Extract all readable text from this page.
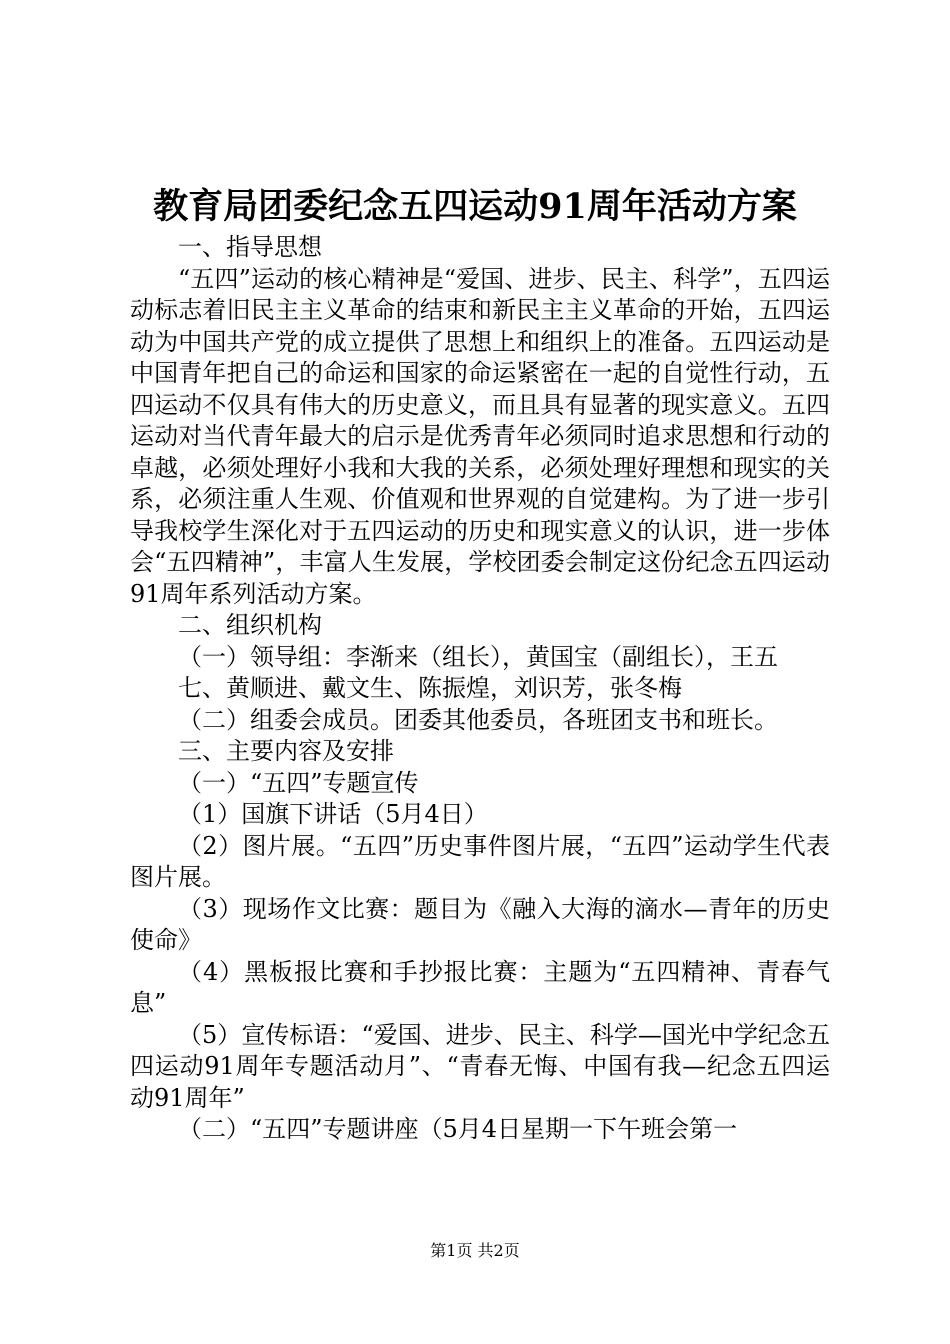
教育局团委纪念五四运动91周年活动方案

一、指导思想

“五四”运动的核心精神是“爱国、进步、民主、科学”，五四运动标志着旧民主主义革命的结束和新民主主义革命的开始，五四运动为中国共产党的成立提供了思想上和组织上的准备。五四运动是中国青年把自己的命运和国家的命运紧密在一起的自觉性行动，五四运动不仅具有伟大的历史意义，而且具有显著的现实意义。五四运动对当代青年最大的启示是优秀青年必须同时追求思想和行动的卓越，必须处理好小我和大我的关系，必须处理好理想和现实的关系，必须注重人生观、价值观和世界观的自觉建构。为了进一步引导我校学生深化对于五四运动的历史和现实意义的认识，进一步体会“五四精神”，丰富人生发展，学校团委会制定这份纪念五四运动91周年系列活动方案。

二、组织机构

（一）领导组：李渐来（组长），黄国宝（副组长），王五

七、黄顺进、戴文生、陈振煌，刘识芳，张冬梅

（二）组委会成员。团委其他委员，各班团支书和班长。

三、主要内容及安排

（一）“五四”专题宣传

（1）国旗下讲话（5月4日）

（2）图片展。“五四”历史事件图片展，“五四”运动学生代表图片展。

（3）现场作文比赛：题目为《融入大海的滴水—青年的历史使命》

（4）黑板报比赛和手抄报比赛：主题为“五四精神、青春气息”

（5）宣传标语：“爱国、进步、民主、科学—国光中学纪念五四运动91周年专题活动月”、“青春无悔、中国有我—纪念五四运动91周年”

（二）“五四”专题讲座（5月4日星期一下午班会第一

第1页 共2页
